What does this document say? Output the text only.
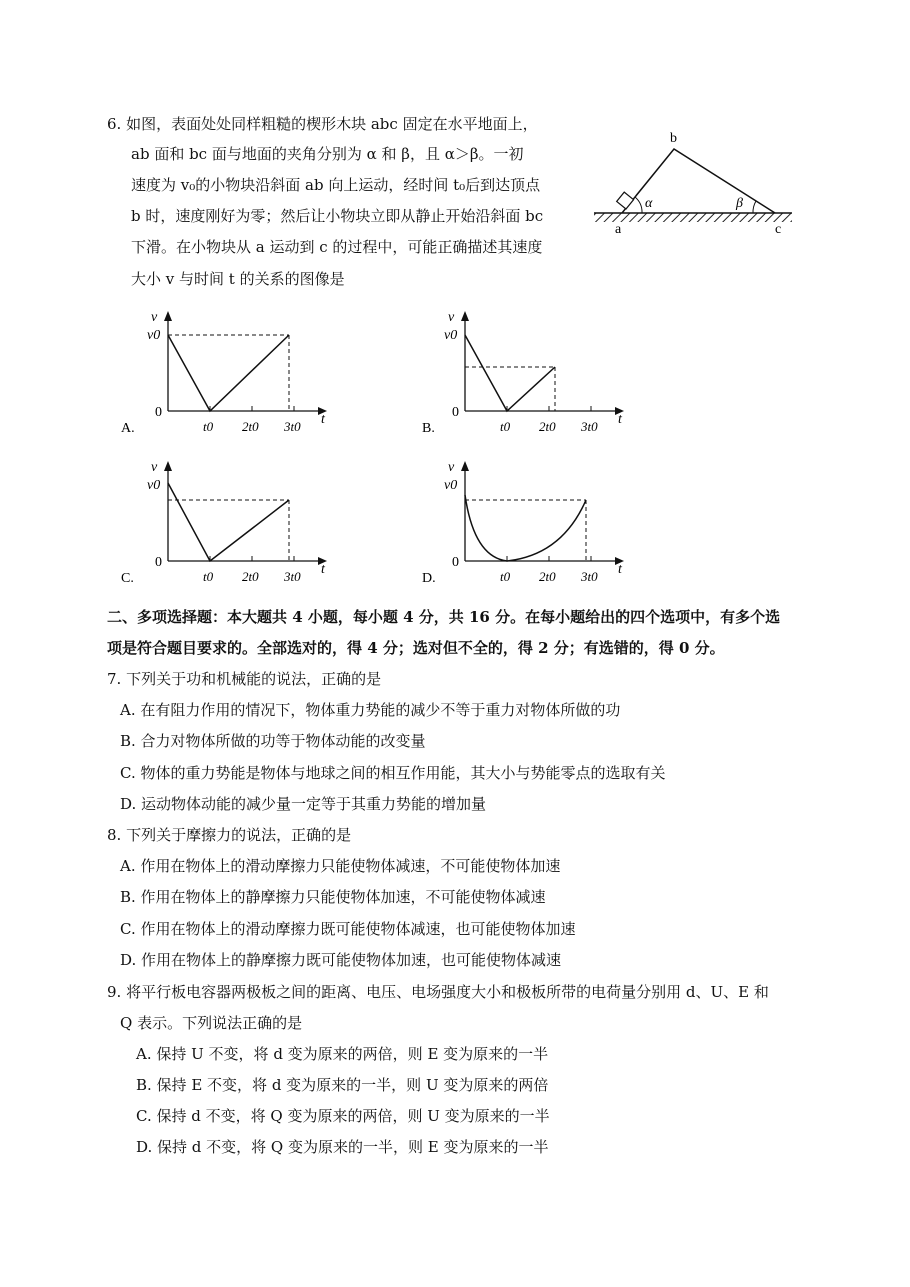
6. 如图，表面处处同样粗糙的楔形木块 abc 固定在水平地面上，
ab 面和 bc 面与地面的夹角分别为 α 和 β，且 α＞β。一初
速度为 v₀的小物块沿斜面 ab 向上运动，经时间 t₀后到达顶点
b 时，速度刚好为零；然后让小物块立即从静止开始沿斜面 bc
下滑。在小物块从 a 运动到 c 的过程中，可能正确描述其速度
大小 v 与时间 t 的关系的图像是
a
b
c
α	β
v
v0
0	t
t0 2t0 3t0
A.
v
v0
0	t
t0 2t0 3t0
B.
v
v0
0	t
t0 2t0 3t0
C.
v
v0
0	t
t0 2t0 3t0
D.
二、多项选择题：本大题共 4 小题，每小题 4 分，共 16 分。在每小题给出的四个选项中，有多个选
项是符合题目要求的。全部选对的，得 4 分；选对但不全的，得 2 分；有选错的，得 0 分。
7. 下列关于功和机械能的说法，正确的是
A. 在有阻力作用的情况下，物体重力势能的减少不等于重力对物体所做的功
B. 合力对物体所做的功等于物体动能的改变量
C. 物体的重力势能是物体与地球之间的相互作用能，其大小与势能零点的选取有关
D. 运动物体动能的减少量一定等于其重力势能的增加量
8. 下列关于摩擦力的说法，正确的是
A. 作用在物体上的滑动摩擦力只能使物体减速，不可能使物体加速
B. 作用在物体上的静摩擦力只能使物体加速，不可能使物体减速
C. 作用在物体上的滑动摩擦力既可能使物体减速，也可能使物体加速
D. 作用在物体上的静摩擦力既可能使物体加速，也可能使物体减速
9. 将平行板电容器两极板之间的距离、电压、电场强度大小和极板所带的电荷量分别用 d、U、E 和
Q 表示。下列说法正确的是
A. 保持 U 不变，将 d 变为原来的两倍，则 E 变为原来的一半
B. 保持 E 不变，将 d 变为原来的一半，则 U 变为原来的两倍
C. 保持 d 不变，将 Q 变为原来的两倍，则 U 变为原来的一半
D. 保持 d 不变，将 Q 变为原来的一半，则 E 变为原来的一半
